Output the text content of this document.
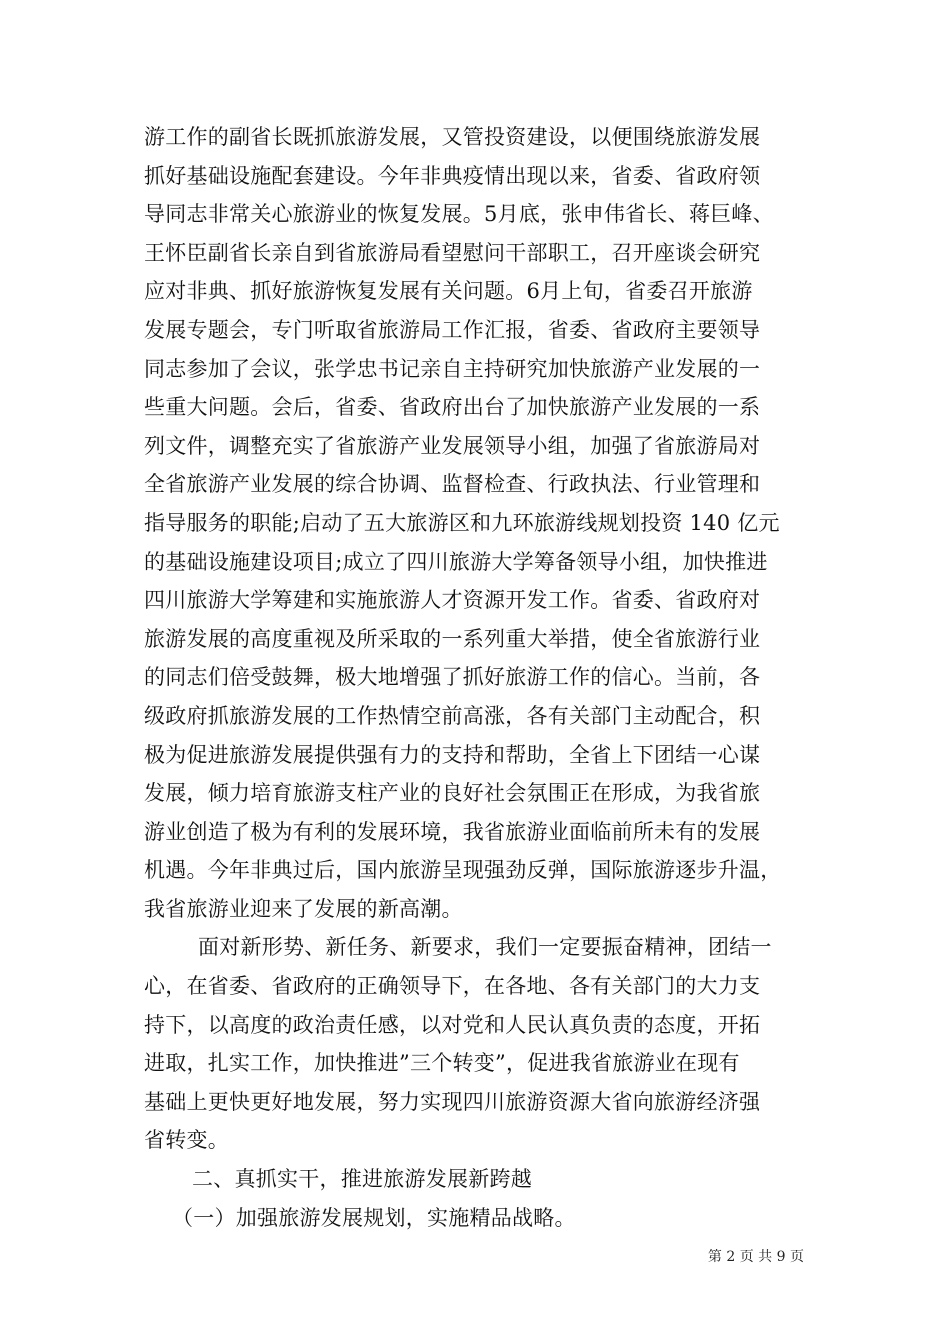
游工作的副省长既抓旅游发展，又管投资建设，以便围绕旅游发展
抓好基础设施配套建设。今年非典疫情出现以来，省委、省政府领
导同志非常关心旅游业的恢复发展。5月底，张申伟省长、蒋巨峰、
王怀臣副省长亲自到省旅游局看望慰问干部职工，召开座谈会研究
应对非典、抓好旅游恢复发展有关问题。6月上旬，省委召开旅游
发展专题会，专门听取省旅游局工作汇报，省委、省政府主要领导
同志参加了会议，张学忠书记亲自主持研究加快旅游产业发展的一
些重大问题。会后，省委、省政府出台了加快旅游产业发展的一系
列文件，调整充实了省旅游产业发展领导小组，加强了省旅游局对
全省旅游产业发展的综合协调、监督检查、行政执法、行业管理和
指导服务的职能;启动了五大旅游区和九环旅游线规划投资 140 亿元
的基础设施建设项目;成立了四川旅游大学筹备领导小组，加快推进
四川旅游大学筹建和实施旅游人才资源开发工作。省委、省政府对
旅游发展的高度重视及所采取的一系列重大举措，使全省旅游行业
的同志们倍受鼓舞，极大地增强了抓好旅游工作的信心。当前，各
级政府抓旅游发展的工作热情空前高涨，各有关部门主动配合，积
极为促进旅游发展提供强有力的支持和帮助，全省上下团结一心谋
发展，倾力培育旅游支柱产业的良好社会氛围正在形成，为我省旅
游业创造了极为有利的发展环境，我省旅游业面临前所未有的发展
机遇。今年非典过后，国内旅游呈现强劲反弹，国际旅游逐步升温，
我省旅游业迎来了发展的新高潮。
面对新形势、新任务、新要求，我们一定要振奋精神，团结一
心，在省委、省政府的正确领导下，在各地、各有关部门的大力支
持下，以高度的政治责任感，以对党和人民认真负责的态度，开拓
进取，扎实工作，加快推进”三个转变”，促进我省旅游业在现有
基础上更快更好地发展，努力实现四川旅游资源大省向旅游经济强
省转变。
二、真抓实干，推进旅游发展新跨越
（一）加强旅游发展规划，实施精品战略。
第 2 页 共 9 页
